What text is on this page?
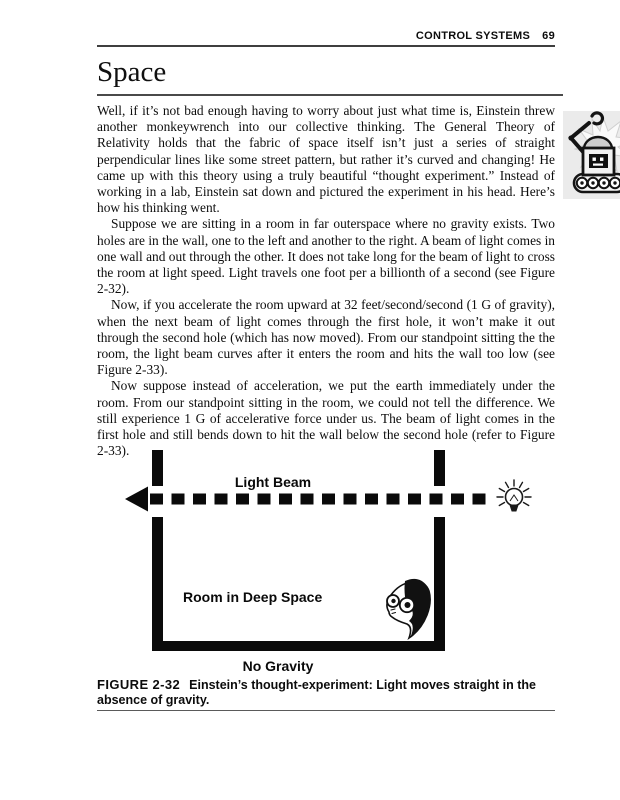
CONTROL SYSTEMS 69
Space

Well, if it’s not bad enough having to worry about just what time is, Einstein threw another monkeywrench into our collective thinking. The General Theory of Relativity holds that the fabric of space itself isn’t just a series of straight perpendicular lines like some street pattern, but rather it’s curved and changing! He came up with this theory using a truly beautiful “thought experiment.” Instead of working in a lab, Einstein sat down and pictured the experiment in his head. Here’s how his thinking went.

Suppose we are sitting in a room in far outerspace where no gravity exists. Two holes are in the wall, one to the left and another to the right. A beam of light comes in one wall and out through the other. It does not take long for the beam of light to cross the room at light speed. Light travels one foot per a billionth of a second (see Figure 2-32).

Now, if you accelerate the room upward at 32 feet/second/second (1 G of gravity), when the next beam of light comes through the first hole, it won’t make it out through the second hole (which has now moved). From our standpoint sitting the the room, the light beam curves after it enters the room and hits the wall too low (see Figure 2-33).

Now suppose instead of acceleration, we put the earth immediately under the room. From our standpoint sitting in the room, we could not tell the difference. We still experience 1 G of accelerative force under us. The beam of light comes in the first hole and still bends down to hit the wall below the second hole (refer to Figure 2-33).

Light Beam
Room in Deep Space
No Gravity

FIGURE 2-32 Einstein’s thought-experiment: Light moves straight in the absence of gravity.
